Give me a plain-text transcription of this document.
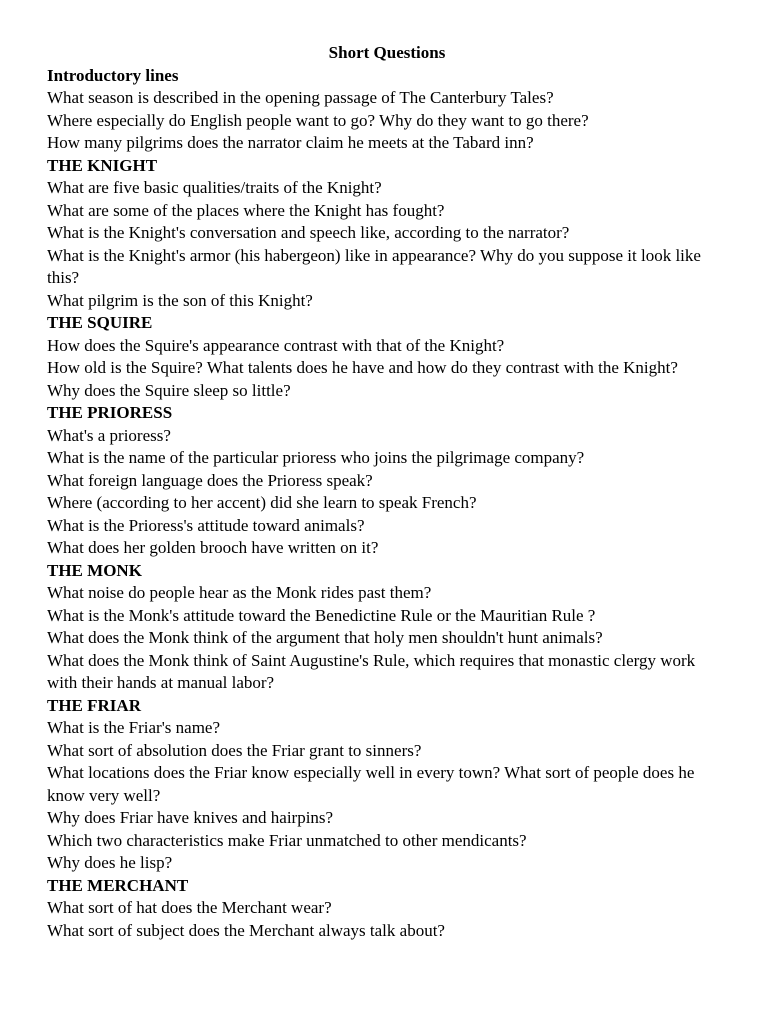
Short Questions

Introductory lines

What season is described in the opening passage of The Canterbury Tales?

Where especially do English people want to go? Why do they want to go there?

How many pilgrims does the narrator claim he meets at the Tabard inn?

THE KNIGHT

What are five basic qualities/traits of the Knight?

What are some of the places where the Knight has fought?

What is the Knight's conversation and speech like, according to the narrator?

What is the Knight's armor (his habergeon) like in appearance? Why do you suppose it look like this?

What pilgrim is the son of this Knight?

THE SQUIRE

How does the Squire's appearance contrast with that of the Knight?

How old is the Squire? What talents does he have and how do they contrast with the Knight?

Why does the Squire sleep so little?

THE PRIORESS

What's a prioress?

What is the name of the particular prioress who joins the pilgrimage company?

What foreign language does the Prioress speak?

Where (according to her accent) did she learn to speak French?

What is the Prioress's attitude toward animals?

What does her golden brooch have written on it?

THE MONK

What noise do people hear as the Monk rides past them?

What is the Monk's attitude toward the Benedictine Rule or the Mauritian Rule ?

What does the Monk think of the argument that holy men shouldn't hunt animals?

What does the Monk think of Saint Augustine's Rule, which requires that monastic clergy work with their hands at manual labor?

THE FRIAR

What is the Friar's name?

What sort of absolution does the Friar grant to sinners?

What locations does the Friar know especially well in every town? What sort of people does he know very well?

Why does Friar have knives and hairpins?

Which two characteristics make Friar unmatched to other mendicants?

Why does he lisp?

THE MERCHANT

What sort of hat does the Merchant wear?

What sort of subject does the Merchant always talk about?
